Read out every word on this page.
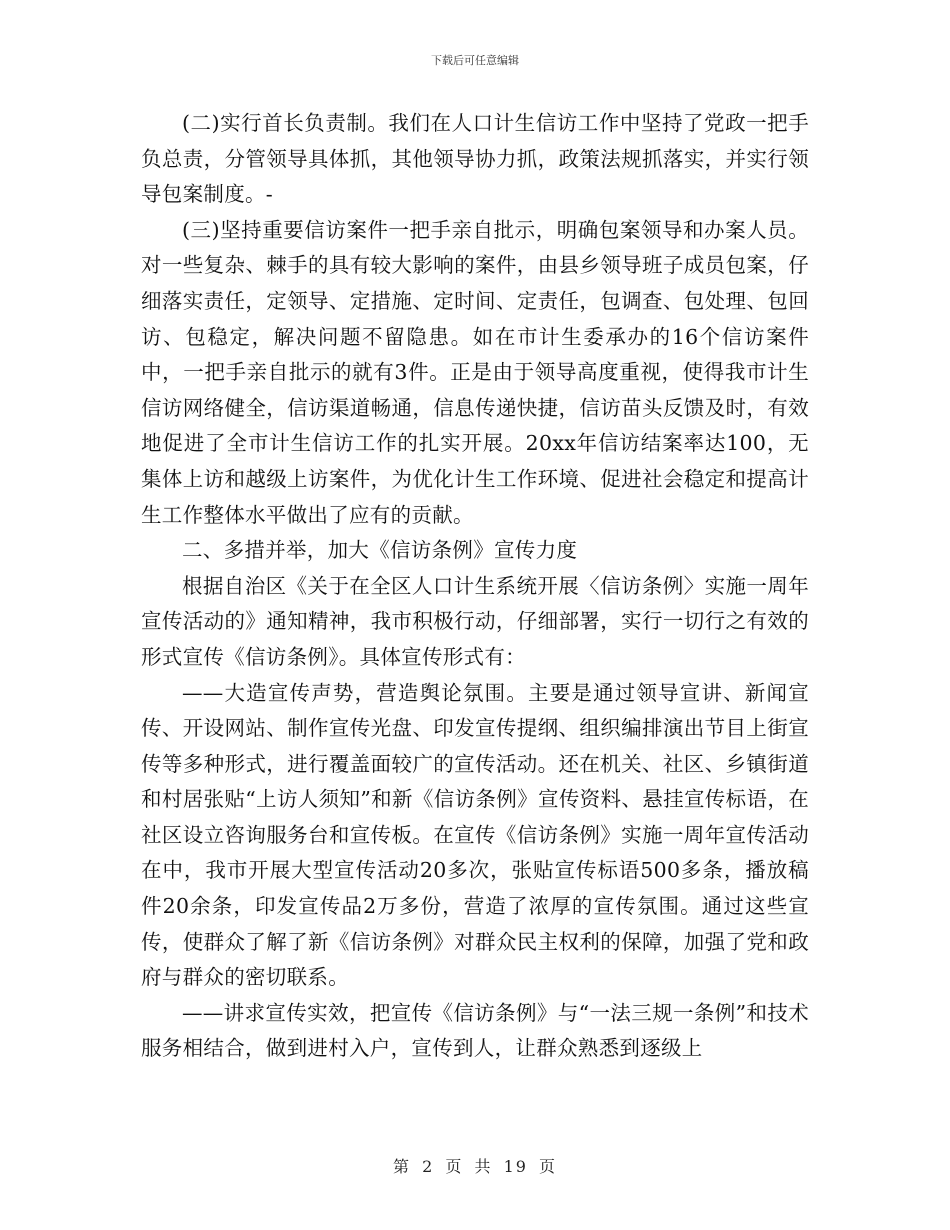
下载后可任意编辑

(二)实行首长负责制。我们在人口计生信访工作中坚持了党政一把手负总责，分管领导具体抓，其他领导协力抓，政策法规抓落实，并实行领导包案制度。-

(三)坚持重要信访案件一把手亲自批示，明确包案领导和办案人员。对一些复杂、棘手的具有较大影响的案件，由县乡领导班子成员包案，仔细落实责任，定领导、定措施、定时间、定责任，包调查、包处理、包回访、包稳定，解决问题不留隐患。如在市计生委承办的16个信访案件中，一把手亲自批示的就有3件。正是由于领导高度重视，使得我市计生信访网络健全，信访渠道畅通，信息传递快捷，信访苗头反馈及时，有效地促进了全市计生信访工作的扎实开展。20xx年信访结案率达100，无集体上访和越级上访案件，为优化计生工作环境、促进社会稳定和提高计生工作整体水平做出了应有的贡献。

二、多措并举，加大《信访条例》宣传力度

根据自治区《关于在全区人口计生系统开展〈信访条例〉实施一周年宣传活动的》通知精神，我市积极行动，仔细部署，实行一切行之有效的形式宣传《信访条例》。具体宣传形式有：

——大造宣传声势，营造舆论氛围。主要是通过领导宣讲、新闻宣传、开设网站、制作宣传光盘、印发宣传提纲、组织编排演出节目上街宣传等多种形式，进行覆盖面较广的宣传活动。还在机关、社区、乡镇街道和村居张贴“上访人须知”和新《信访条例》宣传资料、悬挂宣传标语，在社区设立咨询服务台和宣传板。在宣传《信访条例》实施一周年宣传活动在中，我市开展大型宣传活动20多次，张贴宣传标语500多条，播放稿件20余条，印发宣传品2万多份，营造了浓厚的宣传氛围。通过这些宣传，使群众了解了新《信访条例》对群众民主权利的保障，加强了党和政府与群众的密切联系。

——讲求宣传实效，把宣传《信访条例》与“一法三规一条例”和技术服务相结合，做到进村入户，宣传到人，让群众熟悉到逐级上

第 2 页 共 19 页
